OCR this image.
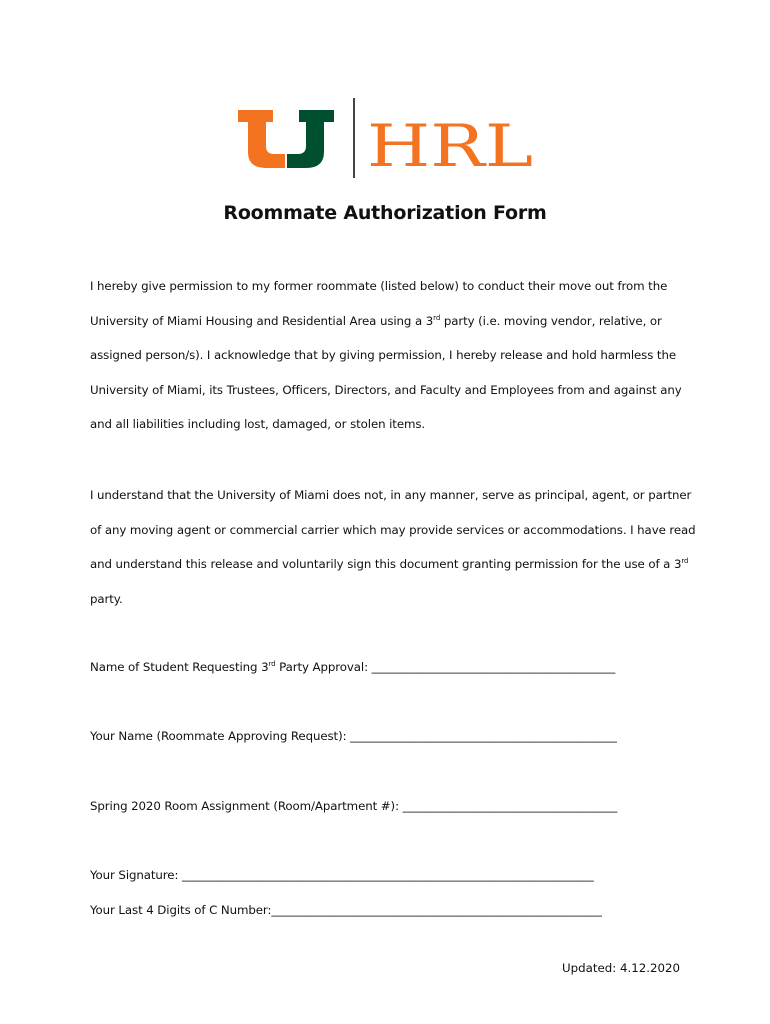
HRL
Roommate Authorization Form
I hereby give permission to my former roommate (listed below) to conduct their move out from the
University of Miami Housing and Residential Area using a 3rd party (i.e. moving vendor, relative, or
assigned person/s). I acknowledge that by giving permission, I hereby release and hold harmless the
University of Miami, its Trustees, Officers, Directors, and Faculty and Employees from and against any
and all liabilities including lost, damaged, or stolen items.
I understand that the University of Miami does not, in any manner, serve as principal, agent, or partner
of any moving agent or commercial carrier which may provide services or accommodations. I have read
and understand this release and voluntarily sign this document granting permission for the use of a 3rd
party.
Name of Student Requesting 3rd Party Approval: __________________________________________
Your Name (Roommate Approving Request): ______________________________________________
Spring 2020 Room Assignment (Room/Apartment #): _____________________________________
Your Signature: _______________________________________________________________________
Your Last 4 Digits of C Number:_________________________________________________________
Updated: 4.12.2020
